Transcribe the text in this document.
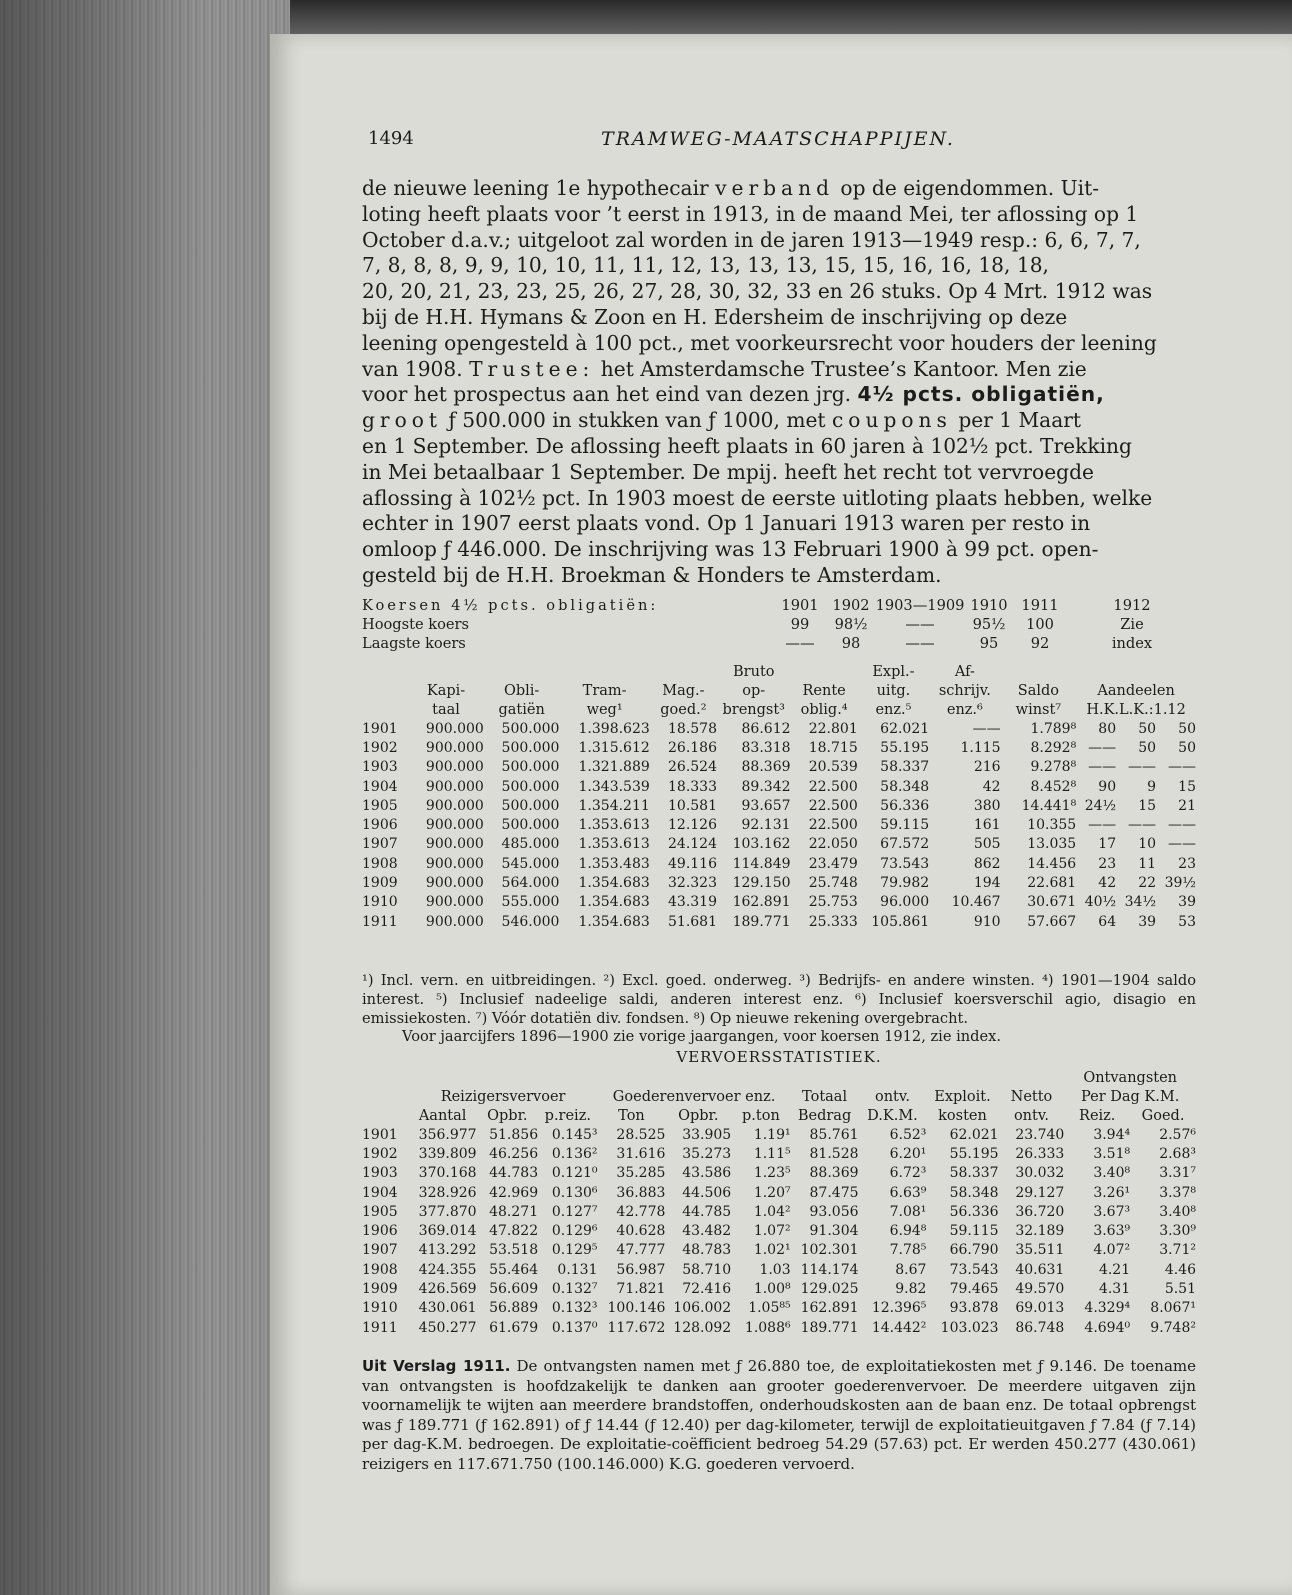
1494	TRAMWEG-MAATSCHAPPIJEN.

de nieuwe leening 1e hypothecair verband op de eigendommen. Uit-

loting heeft plaats voor ’t eerst in 1913, in de maand Mei, ter aflossing op 1

October d.a.v.; uitgeloot zal worden in de jaren 1913—1949 resp.: 6, 6, 7, 7,

7, 8, 8, 8, 9, 9, 10, 10, 11, 11, 12, 13, 13, 13, 15, 15, 16, 16, 18, 18,

20, 20, 21, 23, 23, 25, 26, 27, 28, 30, 32, 33 en 26 stuks. Op 4 Mrt. 1912 was

bij de H.H. Hymans & Zoon en H. Edersheim de inschrijving op deze

leening opengesteld à 100 pct., met voorkeursrecht voor houders der leening

van 1908. Trustee: het Amsterdamsche Trustee’s Kantoor. Men zie

voor het prospectus aan het eind van dezen jrg. 4½ pcts. obligatiën,

groot ƒ 500.000 in stukken van ƒ 1000, met coupons per 1 Maart

en 1 September. De aflossing heeft plaats in 60 jaren à 102½ pct. Trekking

in Mei betaalbaar 1 September. De mpij. heeft het recht tot vervroegde

aflossing à 102½ pct. In 1903 moest de eerste uitloting plaats hebben, welke

echter in 1907 eerst plaats vond. Op 1 Januari 1913 waren per resto in

omloop ƒ 446.000. De inschrijving was 13 Februari 1900 à 99 pct. open-

gesteld bij de H.H. Broekman & Honders te Amsterdam.

Koersen 4½ pcts. obligatiën:	1901	1902	1903—1909	1910	1911	1912
Hoogste koers	99	98½	——	95½	100	Zie
Laagste koers	——	98	——	95	92	index
					Bruto		Expl.-	Af-				
	Kapi-	Obli-	Tram-	Mag.-	op-	Rente	uitg.	schrijv.	Saldo	Aandeelen		
	taal	gatiën	weg¹	goed.²	brengst³	oblig.⁴	enz.⁵	enz.⁶	winst⁷	H.K.L.K.:1.12		
1901	900.000	500.000	1.398.623	18.578	86.612	22.801	62.021	——	1.789⁸	80	50	50
1902	900.000	500.000	1.315.612	26.186	83.318	18.715	55.195	1.115	8.292⁸	——	50	50
1903	900.000	500.000	1.321.889	26.524	88.369	20.539	58.337	216	9.278⁸	——	——	——
1904	900.000	500.000	1.343.539	18.333	89.342	22.500	58.348	42	8.452⁸	90	9	15
1905	900.000	500.000	1.354.211	10.581	93.657	22.500	56.336	380	14.441⁸	24½	15	21
1906	900.000	500.000	1.353.613	12.126	92.131	22.500	59.115	161	10.355	——	——	——
1907	900.000	485.000	1.353.613	24.124	103.162	22.050	67.572	505	13.035	17	10	——
1908	900.000	545.000	1.353.483	49.116	114.849	23.479	73.543	862	14.456	23	11	23
1909	900.000	564.000	1.354.683	32.323	129.150	25.748	79.982	194	22.681	42	22	39½
1910	900.000	555.000	1.354.683	43.319	162.891	25.753	96.000	10.467	30.671	40½	34½	39
1911	900.000	546.000	1.354.683	51.681	189.771	25.333	105.861	910	57.667	64	39	53

¹) Incl. vern. en uitbreidingen. ²) Excl. goed. onderweg. ³) Bedrijfs- en andere winsten. ⁴) 1901—1904 saldo interest. ⁵) Inclusief nadeelige saldi, anderen interest enz. ⁶) Inclusief koersverschil agio, disagio en emissiekosten. ⁷) Vóór dotatiën div. fondsen. ⁸) Op nieuwe rekening overgebracht.

Voor jaarcijfers 1896—1900 zie vorige jaargangen, voor koersen 1912, zie index.

VERVOERSSTATISTIEK.
											Ontvangsten	
	Reizigersvervoer			Goederenvervoer enz.			Totaal	ontv.	Exploit.	Netto	Per Dag K.M.	
	Aantal	Opbr.	p.reiz.	Ton	Opbr.	p.ton	Bedrag	D.K.M.	kosten	ontv.	Reiz.	Goed.
1901	356.977	51.856	0.145³	28.525	33.905	1.19¹	85.761	6.52³	62.021	23.740	3.94⁴	2.57⁶
1902	339.809	46.256	0.136²	31.616	35.273	1.11⁵	81.528	6.20¹	55.195	26.333	3.51⁸	2.68³
1903	370.168	44.783	0.121⁰	35.285	43.586	1.23⁵	88.369	6.72³	58.337	30.032	3.40⁸	3.31⁷
1904	328.926	42.969	0.130⁶	36.883	44.506	1.20⁷	87.475	6.63⁹	58.348	29.127	3.26¹	3.37⁸
1905	377.870	48.271	0.127⁷	42.778	44.785	1.04²	93.056	7.08¹	56.336	36.720	3.67³	3.40⁸
1906	369.014	47.822	0.129⁶	40.628	43.482	1.07²	91.304	6.94⁸	59.115	32.189	3.63⁹	3.30⁹
1907	413.292	53.518	0.129⁵	47.777	48.783	1.02¹	102.301	7.78⁵	66.790	35.511	4.07²	3.71²
1908	424.355	55.464	0.131	56.987	58.710	1.03	114.174	8.67	73.543	40.631	4.21	4.46
1909	426.569	56.609	0.132⁷	71.821	72.416	1.00⁸	129.025	9.82	79.465	49.570	4.31	5.51
1910	430.061	56.889	0.132³	100.146	106.002	1.05⁸⁵	162.891	12.396⁵	93.878	69.013	4.329⁴	8.067¹
1911	450.277	61.679	0.137⁰	117.672	128.092	1.088⁶	189.771	14.442²	103.023	86.748	4.694⁰	9.748²

Uit Verslag 1911. De ontvangsten namen met ƒ 26.880 toe, de exploitatiekosten met ƒ 9.146. De toename van ontvangsten is hoofdzakelijk te danken aan grooter goederenvervoer. De meerdere uitgaven zijn voornamelijk te wijten aan meerdere brandstoffen, onderhoudskosten aan de baan enz. De totaal opbrengst was ƒ 189.771 (ƒ 162.891) of ƒ 14.44 (ƒ 12.40) per dag-kilometer, terwijl de exploitatieuitgaven ƒ 7.84 (ƒ 7.14) per dag-K.M. bedroegen. De exploitatie-coëfficient bedroeg 54.29 (57.63) pct. Er werden 450.277 (430.061) reizigers en 117.671.750 (100.146.000) K.G. goederen vervoerd.
